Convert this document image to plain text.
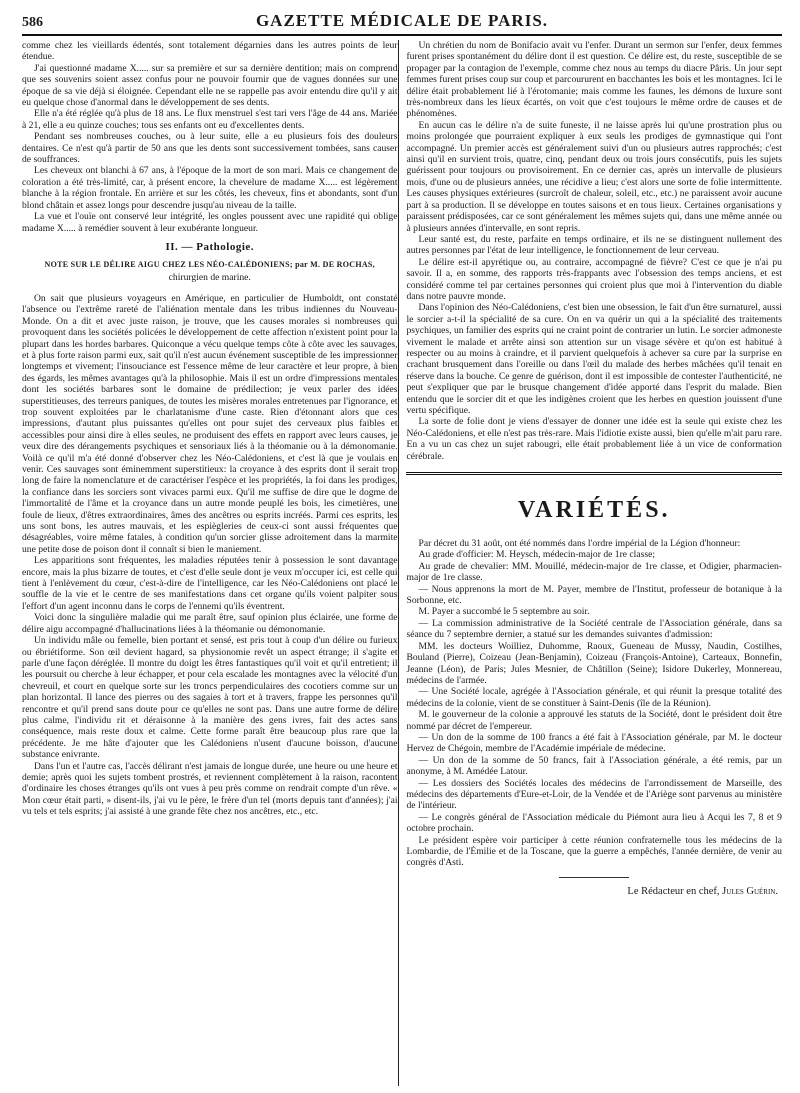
586	GAZETTE MÉDICALE DE PARIS.

comme chez les vieillards édentés, sont totalement dégarnies dans les autres points de leur étendue.

J'ai questionné madame X..... sur sa première et sur sa dernière dentition; mais on comprend que ses souvenirs soient assez confus pour ne pouvoir fournir que de vagues données sur une époque de sa vie déjà si éloignée. Cependant elle ne se rappelle pas avoir entendu dire qu'il y ait eu quelque chose d'anormal dans le développement de ses dents.

Elle n'a été réglée qu'à plus de 18 ans. Le flux menstruel s'est tari vers l'âge de 44 ans. Mariée à 21, elle a eu quinze couches; tous ses enfants ont eu d'excellentes dents.

Pendant ses nombreuses couches, ou à leur suite, elle a eu plusieurs fois des douleurs dentaires. Ce n'est qu'à partir de 50 ans que les dents sont successivement tombées, sans causer de souffrances.

Les cheveux ont blanchi à 67 ans, à l'époque de la mort de son mari. Mais ce changement de coloration a été très-limité, car, à présent encore, la chevelure de madame X..... est légèrement blanche à la région frontale. En arrière et sur les côtés, les cheveux, fins et abondants, sont d'un blond châtain et assez longs pour descendre jusqu'au niveau de la taille.

La vue et l'ouïe ont conservé leur intégrité, les ongles poussent avec une rapidité qui oblige madame X..... à remédier souvent à leur exubérante longueur.

II. — Pathologie.
NOTE SUR LE DÉLIRE AIGU CHEZ LES NÉO-CALÉDONIENS; par M. DE ROCHAS,
chirurgien de marine.

On sait que plusieurs voyageurs en Amérique, en particulier de Humboldt, ont constaté l'absence ou l'extrême rareté de l'aliénation mentale dans les tribus indiennes du Nouveau-Monde. On a dit et avec juste raison, je trouve, que les causes morales si nombreuses qui provoquent dans les sociétés policées le développement de cette affection n'existent point pour la plupart dans les hordes barbares. Quiconque a vécu quelque temps côte à côte avec les sauvages, et à plus forte raison parmi eux, sait qu'il n'est aucun événement susceptible de les impressionner longtemps et vivement; l'insouciance est l'essence même de leur caractère et leur propre, à bien des égards, les mêmes avantages qu'à la philosophie. Mais il est un ordre d'impressions mentales dont les sociétés barbares sont le domaine de prédilection; je veux parler des idées superstitieuses, des terreurs paniques, de toutes les misères morales entretenues par l'ignorance, et trop souvent exploitées par le charlatanisme d'une caste. Rien d'étonnant alors que ces impressions, d'autant plus puissantes qu'elles ont pour sujet des cerveaux plus faibles et accessibles pour ainsi dire à elles seules, ne produisent des effets en rapport avec leurs causes, je veux dire des dérangements psychiques et sensoriaux liés à la théomanie ou à la démonomanie. Voilà ce qu'il m'a été donné d'observer chez les Néo-Calédoniens, et c'est là que je voulais en venir. Ces sauvages sont éminemment superstitieux: la croyance à des esprits dont il serait trop long de faire la nomenclature et de caractériser l'espèce et les propriétés, la foi dans les prodiges, la confiance dans les sorciers sont vivaces parmi eux. Qu'il me suffise de dire que le dogme de l'immortalité de l'âme et la croyance dans un autre monde peuplé les bois, les cimetières, une foule de lieux, d'êtres extraordinaires, âmes des ancêtres ou esprits incréés. Parmi ces esprits, les uns sont bons, les autres mauvais, et les espiègleries de ceux-ci sont aussi fréquentes que désagréables, voire même fatales, à condition qu'un sorcier glisse adroitement dans la marmite une petite dose de poison dont il connaît si bien le maniement.

Les apparitions sont fréquentes, les maladies réputées tenir à possession le sont davantage encore, mais la plus bizarre de toutes, et c'est d'elle seule dont je veux m'occuper ici, est celle qui tient à l'enlèvement du cœur, c'est-à-dire de l'intelligence, car les Néo-Calédoniens ont placé le souffle de la vie et le centre de ses manifestations dans cet organe qu'ils voient palpiter sous l'effort d'un agent inconnu dans le corps de l'ennemi qu'ils éventrent.

Voici donc la singulière maladie qui me paraît être, sauf opinion plus éclairée, une forme de délire aigu accompagné d'hallucinations liées à la théomanie ou démonomanie.

Un individu mâle ou femelle, bien portant et sensé, est pris tout à coup d'un délire ou furieux ou ébriétiforme. Son œil devient hagard, sa physionomie revêt un aspect étrange; il s'agite et parle d'une façon déréglée. Il montre du doigt les êtres fantastiques qu'il voit et qu'il entretient; il les poursuit ou cherche à leur échapper, et pour cela escalade les montagnes avec la vélocité d'un chevreuil, et court en quelque sorte sur les troncs perpendiculaires des cocotiers comme sur un plan horizontal. Il lance des pierres ou des sagaies à tort et à travers, frappe les personnes qu'il rencontre et qu'il prend sans doute pour ce qu'elles ne sont pas. Dans une autre forme de délire plus calme, l'individu rit et déraisonne à la manière des gens ivres, fait des actes sans conséquence, mais reste doux et calme. Cette forme paraît être beaucoup plus rare que la précédente. Je me hâte d'ajouter que les Calédoniens n'usent d'aucune boisson, d'aucune substance enivrante.

Dans l'un et l'autre cas, l'accès délirant n'est jamais de longue durée, une heure ou une heure et demie; après quoi les sujets tombent prostrés, et reviennent complètement à la raison, racontent d'ordinaire les choses étranges qu'ils ont vues à peu près comme on rendrait compte d'un rêve. « Mon cœur était parti, » disent-ils, j'ai vu le père, le frère d'un tel (morts depuis tant d'années); j'ai vu tels et tels esprits; j'ai assisté à une grande fête chez nos ancêtres, etc., etc.

Un chrétien du nom de Bonifacio avait vu l'enfer. Durant un sermon sur l'enfer, deux femmes furent prises spontanément du délire dont il est question. Ce délire est, du reste, susceptible de se propager par la contagion de l'exemple, comme chez nous au temps du diacre Pâris. Un jour sept femmes furent prises coup sur coup et parcoururent en bacchantes les bois et les montagnes. Ici le délire était probablement lié à l'érotomanie; mais comme les faunes, les démons de luxure sont très-nombreux dans les lieux écartés, on voit que c'est toujours le même ordre de causes et de phénomènes.

En aucun cas le délire n'a de suite funeste, il ne laisse après lui qu'une prostration plus ou moins prolongée que pourraient expliquer à eux seuls les prodiges de gymnastique qui l'ont accompagné. Un premier accès est généralement suivi d'un ou plusieurs autres rapprochés; c'est ainsi qu'il en survient trois, quatre, cinq, pendant deux ou trois jours consécutifs, puis les sujets guérissent pour toujours ou provisoirement. En ce dernier cas, après un intervalle de plusieurs mois, d'une ou de plusieurs années, une récidive a lieu; c'est alors une sorte de folie intermittente. Les causes physiques extérieures (surcroît de chaleur, soleil, etc., etc.) ne paraissent avoir aucune part à sa production. Il se développe en toutes saisons et en tous lieux. Certaines organisations y paraissent prédisposées, car ce sont généralement les mêmes sujets qui, dans une même année ou à plusieurs années d'intervalle, en sont repris.

Leur santé est, du reste, parfaite en temps ordinaire, et ils ne se distinguent nullement des autres personnes par l'état de leur intelligence, le fonctionnement de leur cerveau.

Le délire est-il apyrétique ou, au contraire, accompagné de fièvre? C'est ce que je n'ai pu savoir. Il a, en somme, des rapports très-frappants avec l'obsession des temps anciens, et est considéré comme tel par certaines personnes qui croient plus que moi à l'intervention du diable dans notre pauvre monde.

Dans l'opinion des Néo-Calédoniens, c'est bien une obsession, le fait d'un être surnaturel, aussi le sorcier a-t-il la spécialité de sa cure. On en va quérir un qui a la spécialité des traitements psychiques, un familier des esprits qui ne craint point de contrarier un lutin. Le sorcier admoneste vivement le malade et arrête ainsi son attention sur un visage sévère et qu'on est habitué à respecter ou au moins à craindre, et il parvient quelquefois à achever sa cure par la surprise en crachant brusquement dans l'oreille ou dans l'œil du malade des herbes mâchées qu'il tenait en réserve dans la bouche. Ce genre de guérison, dont il est impossible de contester l'authenticité, ne peut s'expliquer que par le brusque changement d'idée apporté dans l'esprit du malade. Bien entendu que le sorcier dit et que les indigènes croient que les herbes en question jouissent d'une vertu spécifique.

La sorte de folie dont je viens d'essayer de donner une idée est la seule qui existe chez les Néo-Calédoniens, et elle n'est pas très-rare. Mais l'idiotie existe aussi, bien qu'elle m'ait paru rare. En a vu un cas chez un sujet rabougri, elle était probablement liée à un vice de conformation cérébrale.

VARIÉTÉS.

Par décret du 31 août, ont été nommés dans l'ordre impérial de la Légion d'honneur:

Au grade d'officier: M. Heysch, médecin-major de 1re classe;

Au grade de chevalier: MM. Mouillé, médecin-major de 1re classe, et Odigier, pharmacien-major de 1re classe.

— Nous apprenons la mort de M. Payer, membre de l'Institut, professeur de botanique à la Sorbonne, etc.

M. Payer a succombé le 5 septembre au soir.

— La commission administrative de la Société centrale de l'Association générale, dans sa séance du 7 septembre dernier, a statué sur les demandes suivantes d'admission:

MM. les docteurs Woilliez, Duhomme, Raoux, Gueneau de Mussy, Naudin, Costilhes, Bouland (Pierre), Coizeau (Jean-Benjamin), Coizeau (François-Antoine), Carteaux, Bonnefin, Jeanne (Léon), de Paris; Jules Mesnier, de Châtillon (Seine); Isidore Dukerley, Monnereau, médecins de l'armée.

— Une Société locale, agrégée à l'Association générale, et qui réunit la presque totalité des médecins de la colonie, vient de se constituer à Saint-Denis (île de la Réunion).

M. le gouverneur de la colonie a approuvé les statuts de la Société, dont le président doit être nommé par décret de l'empereur.

— Un don de la somme de 100 francs a été fait à l'Association générale, par M. le docteur Hervez de Chégoin, membre de l'Académie impériale de médecine.

— Un don de la somme de 50 francs, fait à l'Association générale, a été remis, par un anonyme, à M. Amédée Latour.

— Les dossiers des Sociétés locales des médecins de l'arrondissement de Marseille, des médecins des départements d'Eure-et-Loir, de la Vendée et de l'Ariège sont parvenus au ministère de l'intérieur.

— Le congrès général de l'Association médicale du Piémont aura lieu à Acqui les 7, 8 et 9 octobre prochain.

Le président espère voir participer à cette réunion confraternelle tous les médecins de la Lombardie, de l'Émilie et de la Toscane, que la guerre a empêchés, l'année dernière, de venir au congrès d'Asti.

Le Rédacteur en chef, Jules Guérin.
